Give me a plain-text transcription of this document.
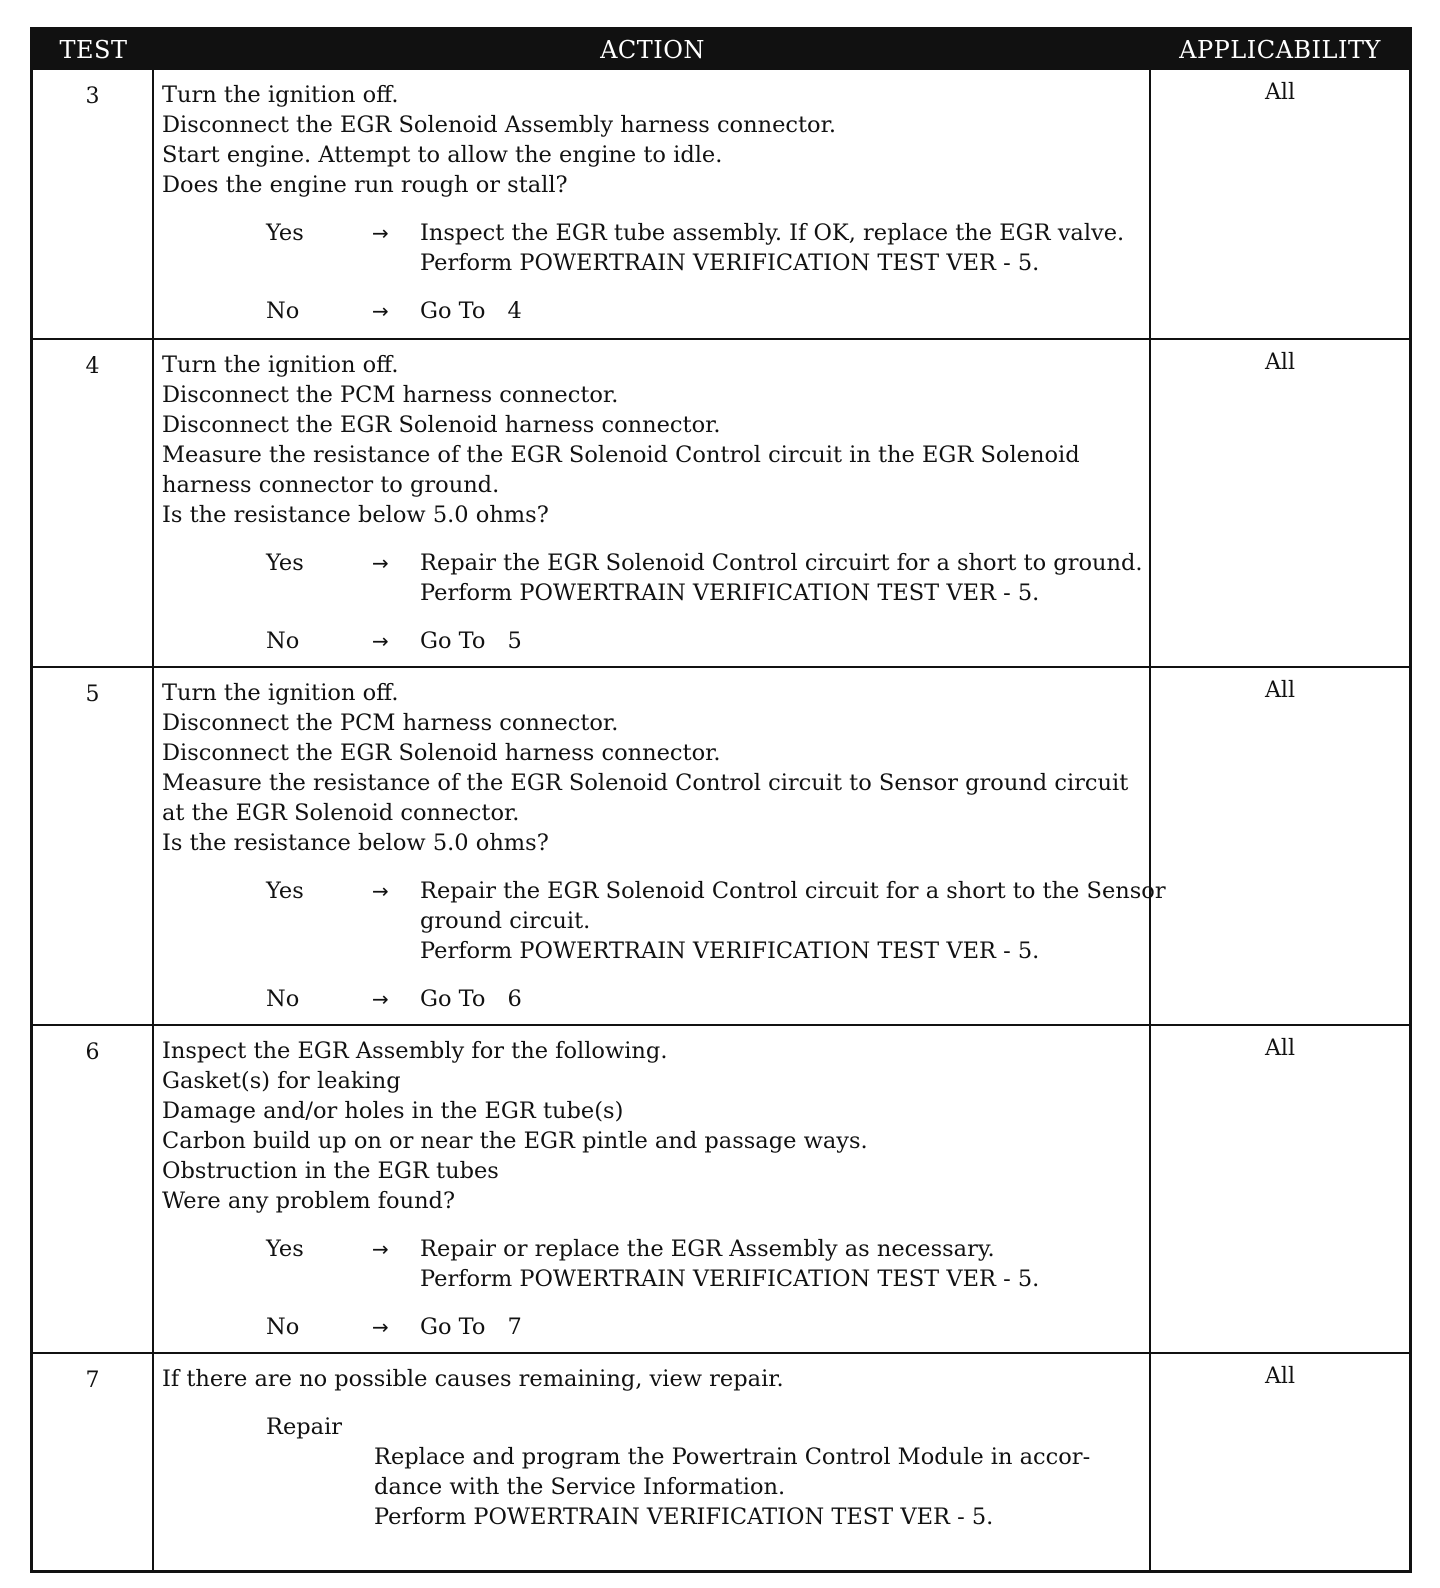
TEST	ACTION	APPLICABILITY
3	Turn the ignition off.
Disconnect the EGR Solenoid Assembly harness connector.
Start engine. Attempt to allow the engine to idle.
Does the engine run rough or stall?
Yes	→	Inspect the EGR tube assembly. If OK, replace the EGR valve.
Perform POWERTRAIN VERIFICATION TEST VER - 5.
No	→	Go To 4
All
4	Turn the ignition off.
Disconnect the PCM harness connector.
Disconnect the EGR Solenoid harness connector.
Measure the resistance of the EGR Solenoid Control circuit in the EGR Solenoid
harness connector to ground.
Is the resistance below 5.0 ohms?
Yes	→	Repair the EGR Solenoid Control circuirt for a short to ground.
Perform POWERTRAIN VERIFICATION TEST VER - 5.
No	→	Go To 5
All
5	Turn the ignition off.
Disconnect the PCM harness connector.
Disconnect the EGR Solenoid harness connector.
Measure the resistance of the EGR Solenoid Control circuit to Sensor ground circuit
at the EGR Solenoid connector.
Is the resistance below 5.0 ohms?
Yes	→	Repair the EGR Solenoid Control circuit for a short to the Sensor
ground circuit.
Perform POWERTRAIN VERIFICATION TEST VER - 5.
No	→	Go To 6
All
6	Inspect the EGR Assembly for the following.
Gasket(s) for leaking
Damage and/or holes in the EGR tube(s)
Carbon build up on or near the EGR pintle and passage ways.
Obstruction in the EGR tubes
Were any problem found?
Yes	→	Repair or replace the EGR Assembly as necessary.
Perform POWERTRAIN VERIFICATION TEST VER - 5.
No	→	Go To 7
All
7	If there are no possible causes remaining, view repair.
Repair
Replace and program the Powertrain Control Module in accor-
dance with the Service Information.
Perform POWERTRAIN VERIFICATION TEST VER - 5.
All
